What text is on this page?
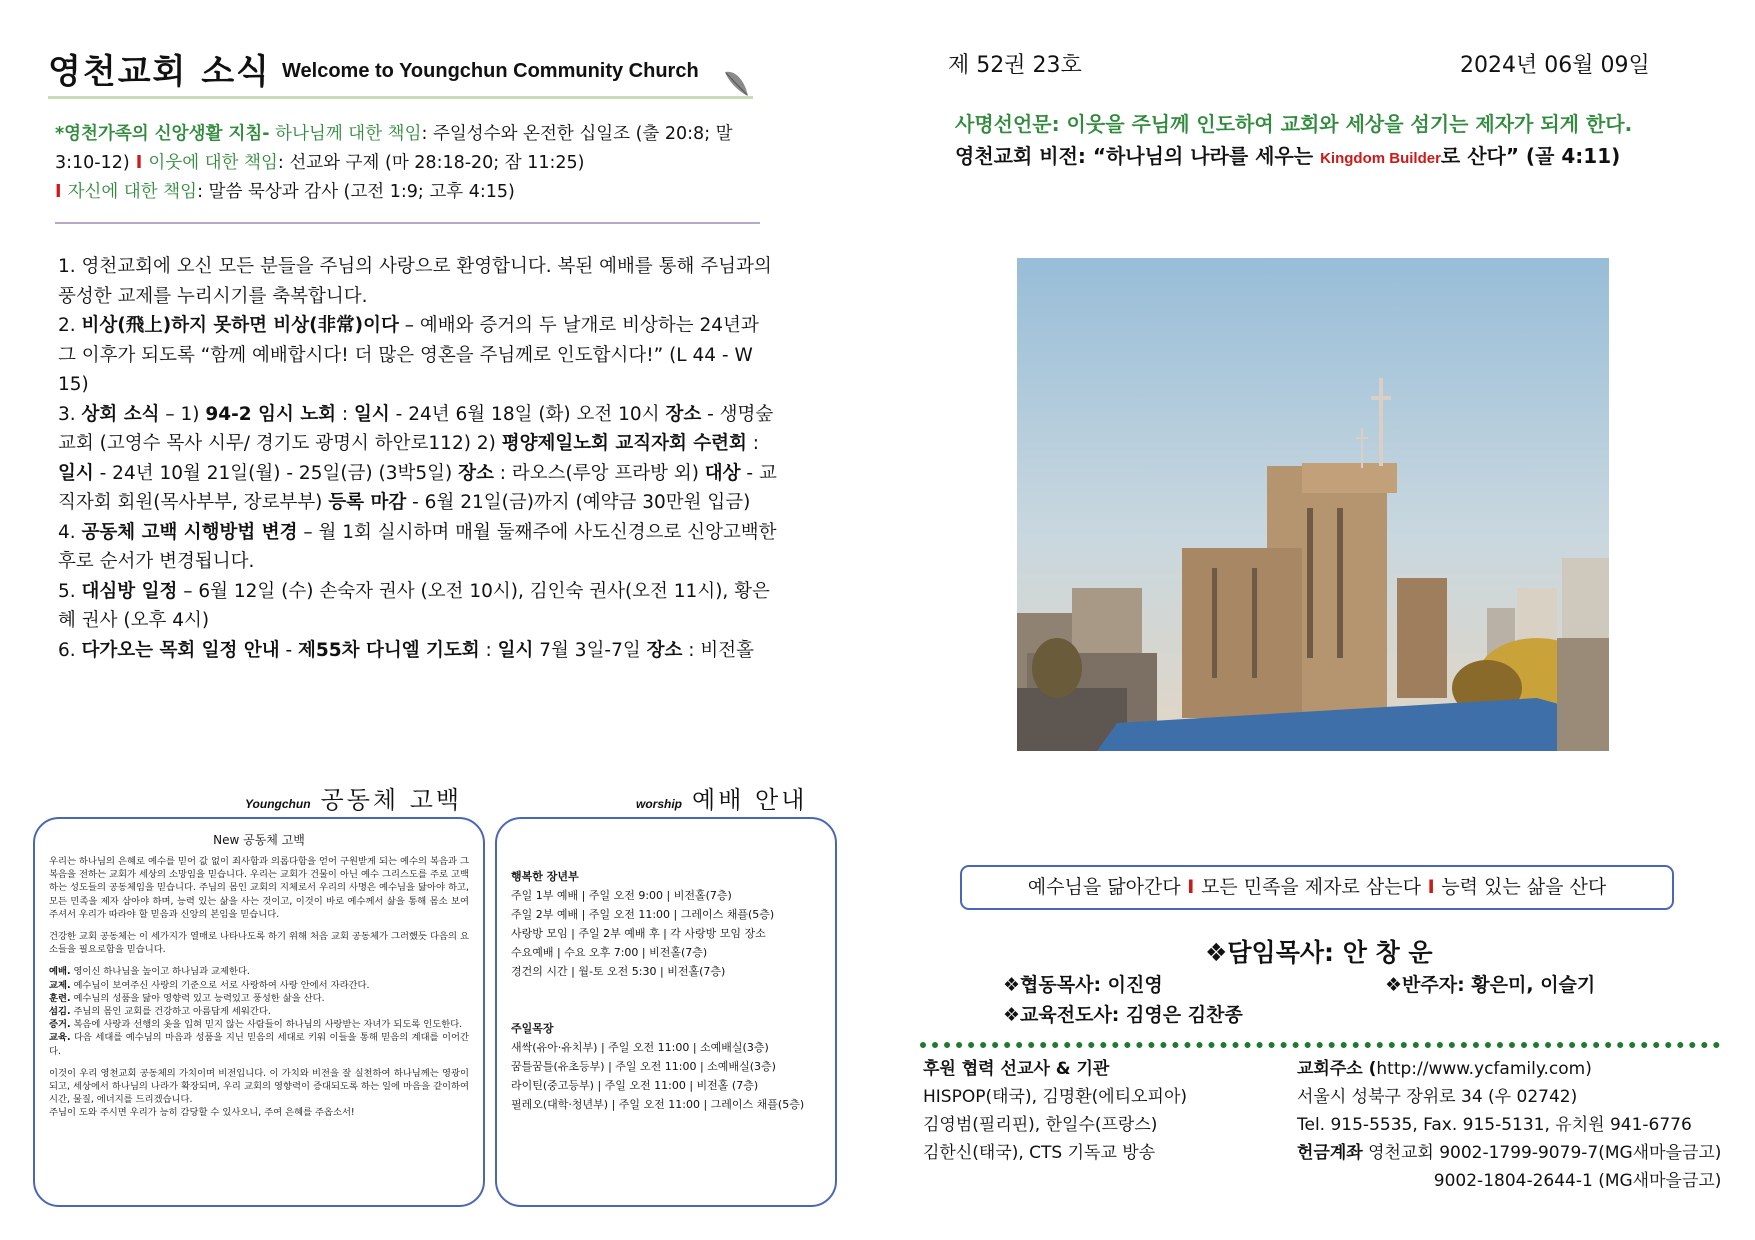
영천교회 소식 Welcome to Youngchun Community Church
*영천가족의 신앙생활 지침- 하나님께 대한 책임: 주일성수와 온전한 십일조 (출 20:8; 말 3:10-12) I 이웃에 대한 책임: 선교와 구제 (마 28:18-20; 잠 11:25)
I 자신에 대한 책임: 말씀 묵상과 감사 (고전 1:9; 고후 4:15)
1. 영천교회에 오신 모든 분들을 주님의 사랑으로 환영합니다. 복된 예배를 통해 주님과의 풍성한 교제를 누리시기를 축복합니다.
2. 비상(飛上)하지 못하면 비상(非常)이다 – 예배와 증거의 두 날개로 비상하는 24년과 그 이후가 되도록 “함께 예배합시다! 더 많은 영혼을 주님께로 인도합시다!” (L 44 - W 15)
3. 상회 소식 – 1) 94-2 임시 노회 : 일시 - 24년 6월 18일 (화) 오전 10시 장소 - 생명숲교회 (고영수 목사 시무/ 경기도 광명시 하안로112) 2) 평양제일노회 교직자회 수련회 : 일시 - 24년 10월 21일(월) - 25일(금) (3박5일) 장소 : 라오스(루앙 프라방 외) 대상 - 교직자회 회원(목사부부, 장로부부) 등록 마감 - 6월 21일(금)까지 (예약금 30만원 입금)
4. 공동체 고백 시행방법 변경 – 월 1회 실시하며 매월 둘째주에 사도신경으로 신앙고백한 후로 순서가 변경됩니다.
5. 대심방 일정 – 6월 12일 (수) 손숙자 권사 (오전 10시), 김인숙 권사(오전 11시), 황은혜 권사 (오후 4시)
6. 다가오는 목회 일정 안내 - 제55차 다니엘 기도회 : 일시 7월 3일-7일 장소 : 비전홀
제 52권 23호	2024년 06월 09일
사명선언문: 이웃을 주님께 인도하여 교회와 세상을 섬기는 제자가 되게 한다.
영천교회 비전: “하나님의 나라를 세우는 Kingdom Builder로 산다” (골 4:11)
Youngchun 공동체 고백	worship 예배 안내
New 공동체 고백

우리는 하나님의 은혜로 예수를 믿어 값 없이 죄사함과 의롭다함을 얻어 구원받게 되는 예수의 복음과 그 복음을 전하는 교회가 세상의 소망임을 믿습니다. 우리는 교회가 건물이 아닌 예수 그리스도를 주로 고백하는 성도들의 공동체임을 믿습니다. 주님의 몸인 교회의 지체로서 우리의 사명은 예수님을 닮아야 하고, 모든 민족을 제자 삼아야 하며, 능력 있는 삶을 사는 것이고, 이것이 바로 예수께서 삶을 통해 몸소 보여주셔서 우리가 따라야 할 믿음과 신앙의 본임을 믿습니다.

건강한 교회 공동체는 이 세가지가 열매로 나타나도록 하기 위해 처음 교회 공동체가 그러했듯 다음의 요소들을 필요로함을 믿습니다.

예배. 영이신 하나님을 높이고 하나님과 교제한다.
교제. 예수님이 보여주신 사랑의 기준으로 서로 사랑하여 사랑 안에서 자라간다.
훈련. 예수님의 성품을 닮아 영향력 있고 능력있고 풍성한 삶을 산다.
섬김. 주님의 몸인 교회를 건강하고 아름답게 세워간다.
증거. 복음에 사랑과 선행의 옷을 입혀 믿지 않는 사람들이 하나님의 사랑받는 자녀가 되도록 인도한다.
교육. 다음 세대를 예수님의 마음과 성품을 지닌 믿음의 세대로 키워 이들을 통해 믿음의 계대를 이어간다.

이것이 우리 영천교회 공동체의 가치이며 비전입니다. 이 가치와 비전을 잘 실천하여 하나님께는 영광이 되고, 세상에서 하나님의 나라가 확장되며, 우리 교회의 영향력이 증대되도록 하는 일에 마음을 같이하여 시간, 물질, 에너지를 드리겠습니다.

주님이 도와 주시면 우리가 능히 감당할 수 있사오니, 주여 은혜를 주옵소서!

행복한 장년부
주일 1부 예배 | 주일 오전 9:00 | 비전홀(7층)
주일 2부 예배 | 주일 오전 11:00 | 그레이스 채플(5층)
사랑방 모임 | 주일 2부 예배 후 | 각 사랑방 모임 장소
수요예배 | 수요 오후 7:00 | 비전홀(7층)
경건의 시간 | 월-토 오전 5:30 | 비전홀(7층)
주일목장
새싹(유아·유치부) | 주일 오전 11:00 | 소예배실(3층)
꿈틀꿈틀(유초등부) | 주일 오전 11:00 | 소예배실(3층)
라이틴(중고등부) | 주일 오전 11:00 | 비전홀 (7층)
필레오(대학·청년부) | 주일 오전 11:00 | 그레이스 채플(5층)
예수님을 닮아간다 I 모든 민족을 제자로 삼는다 I 능력 있는 삶을 산다
❖담임목사: 안 창 운
❖협동목사: 이진영	❖반주자: 황은미, 이슬기
❖교육전도사: 김영은 김찬종
후원 협력 선교사 & 기관
HISPOP(태국), 김명환(에티오피아)
김영범(필리핀), 한일수(프랑스)
김한신(태국), CTS 기독교 방송
교회주소 (http://www.ycfamily.com)
서울시 성북구 장위로 34 (우 02742)
Tel. 915-5535, Fax. 915-5131, 유치원 941-6776
헌금계좌 영천교회 9002-1799-9079-7(MG새마을금고)
9002-1804-2644-1 (MG새마을금고)
